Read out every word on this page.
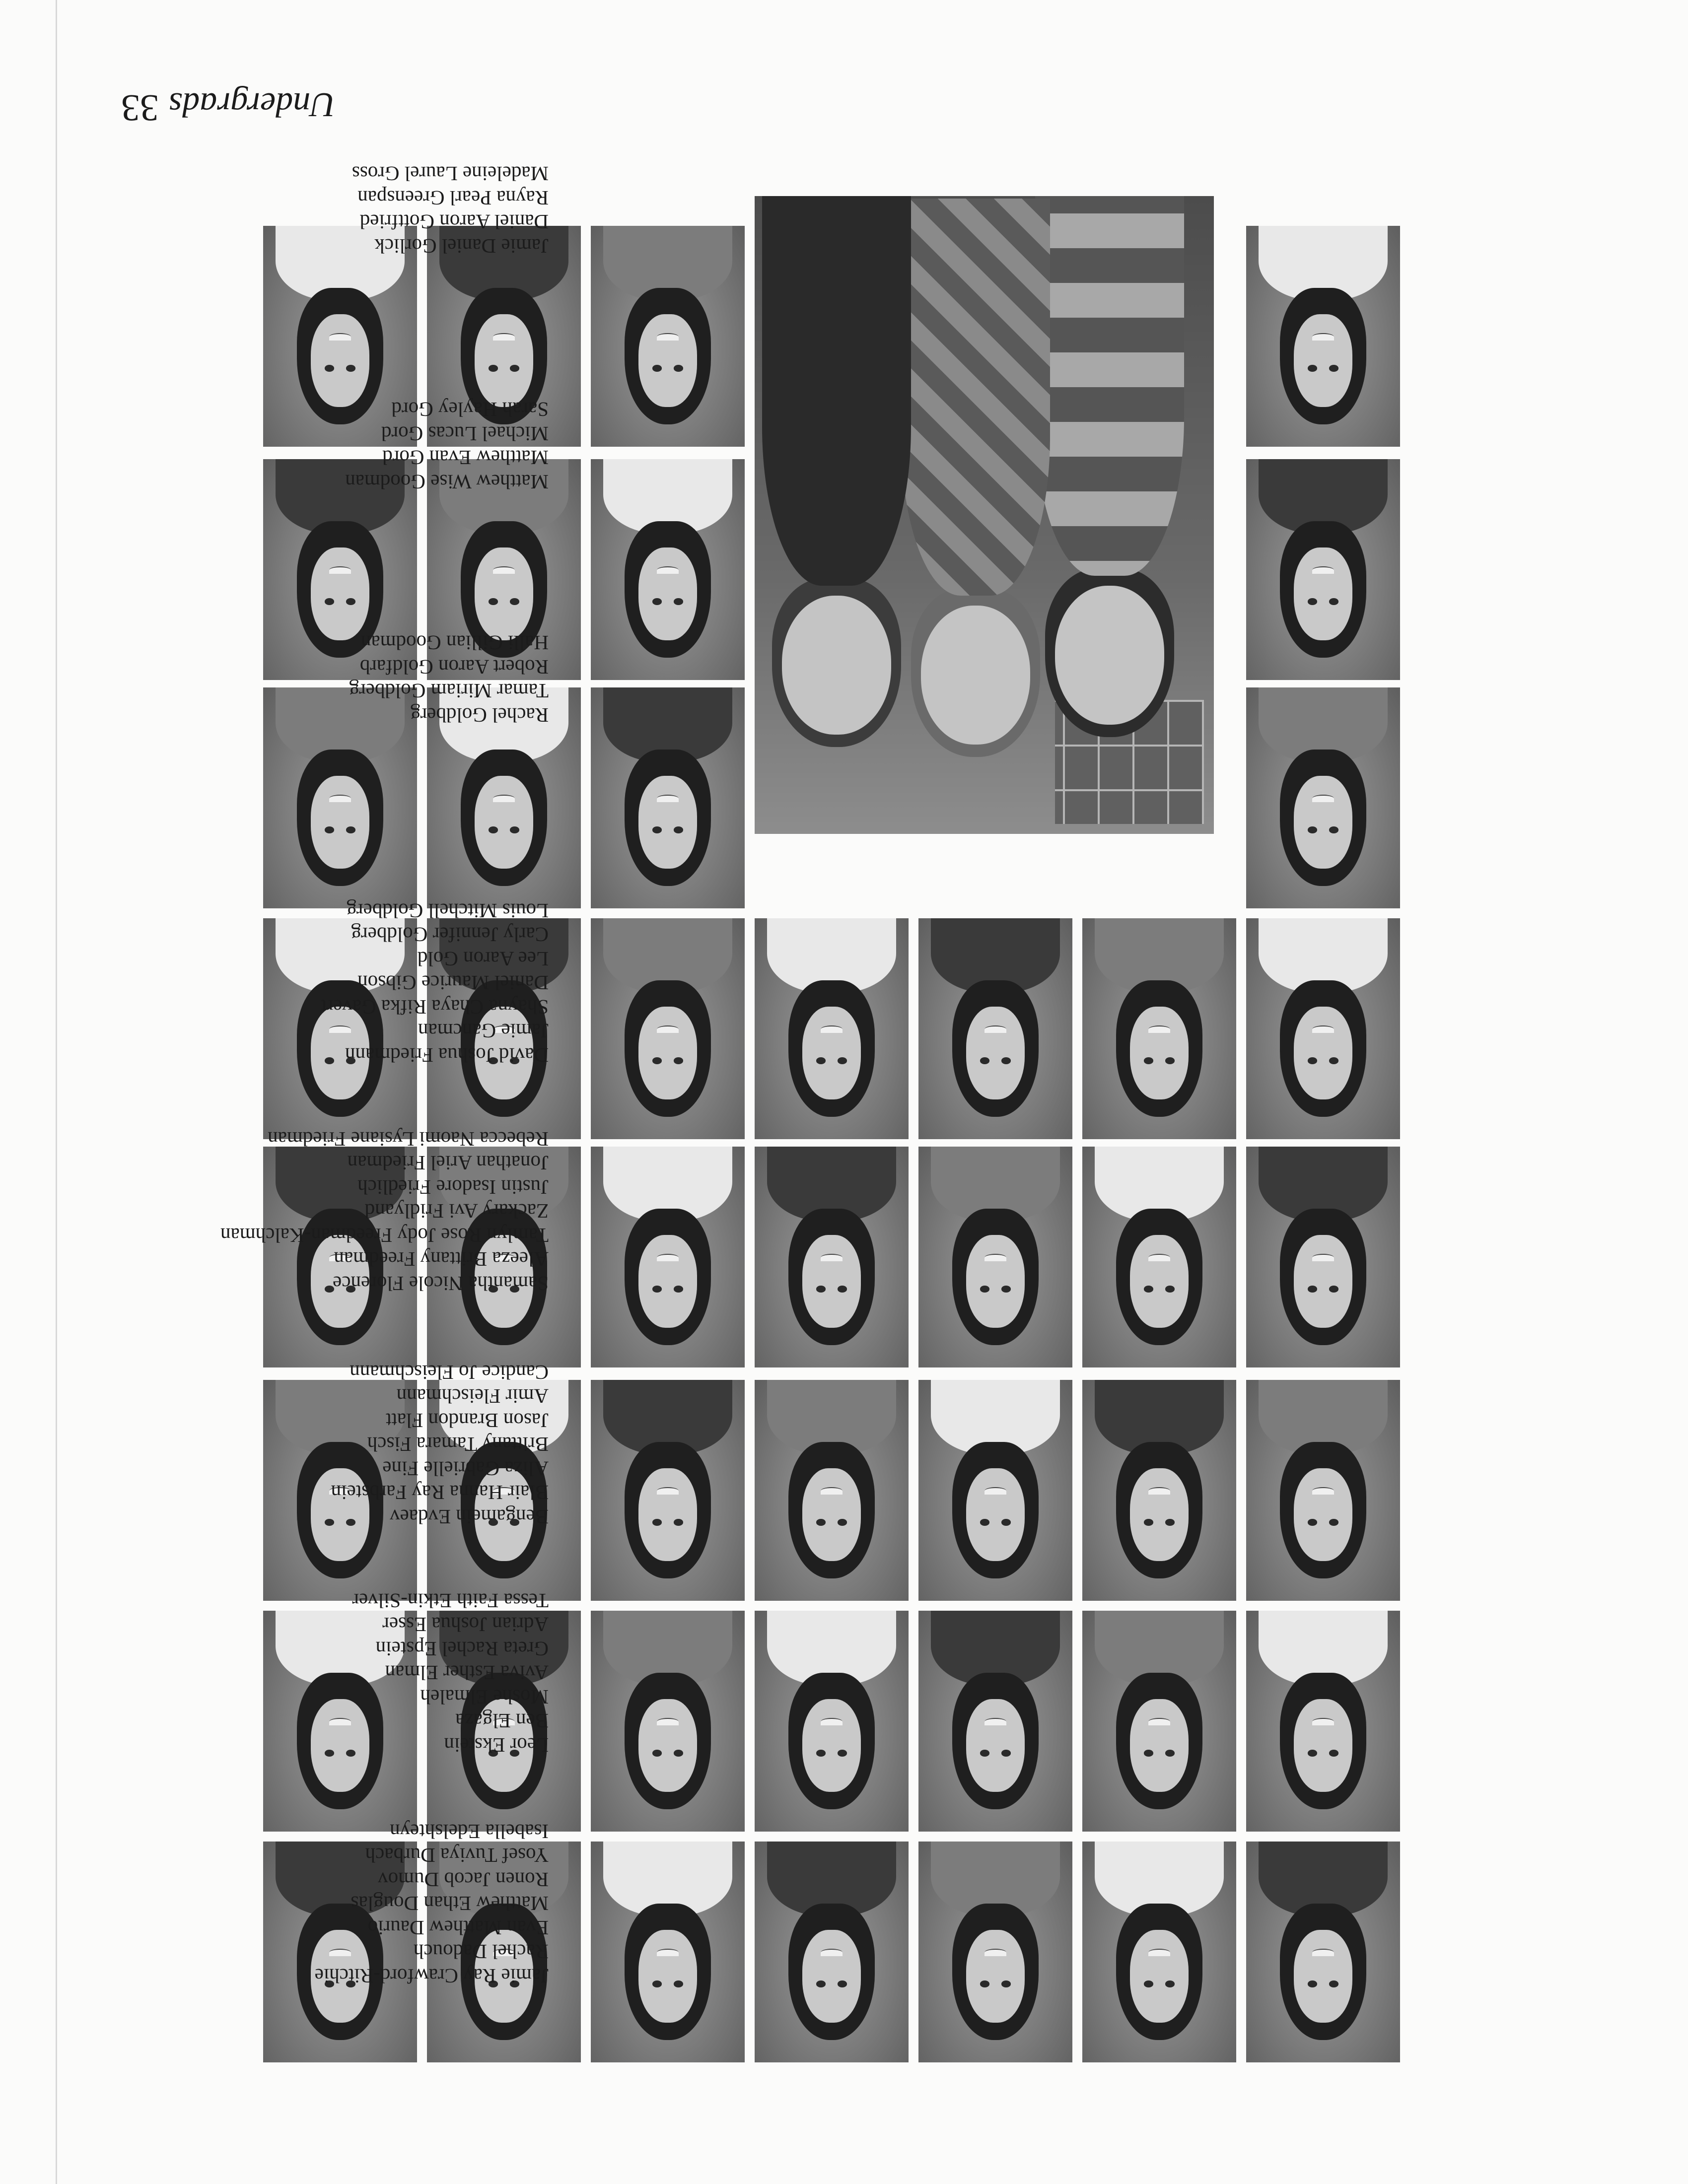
Jamie Ray Crawford-Ritchie
Rachel Dadouch
Evan Matthew Daurio
Matthew Ethan Douglas
Ronen Jacob Dumov
Yosef Tuviya Durbach
Isabella Edelshteyn
Leor Ekstein
Ben Elgaza
Moshe Elmaleh
Aviva Esther Elman
Greta Rachel Epstein
Adrian Joshua Esser
Tessa Faith Etkin-Silver
Bengamein Evdaev
Blair Hanna Ray Farbstein
Aliza Gabrielle Fine
Brittany Tamara Fisch
Jason Brandon Flatt
Amir Fleischmann
Candice Jo Fleischmann
Samantha Nicole Florence
Aleeza Brittany Freedman
Tamlyn Rose Jody Freedman-Kalchman
Zackary Avi Fridlyand
Justin Isadore Friedlich
Jonathan Ariel Friedman
Rebecca Naomi Lysiane Friedman
David Joshua Friedmann
Jamie Gancman
Shayna Chaya Rifka Gavert
Daniel Maurice Gibson
Lee Aaron Gold
Carly Jennifer Goldberg
Louis Mitchell Goldberg
Rachel Goldberg
Tamar Miriam Goldberg
Robert Aaron Goldfarb
Halli Gillian Goodman
Matthew Wise Goodman
Matthew Evan Gord
Michael Lucas Gord
Sarah Hayley Gord
Jamie Daniel Gorlick
Daniel Aaron Gottfried
Rayna Pearl Greenspan
Madeleine Laurel Gross
Undergrads
33
